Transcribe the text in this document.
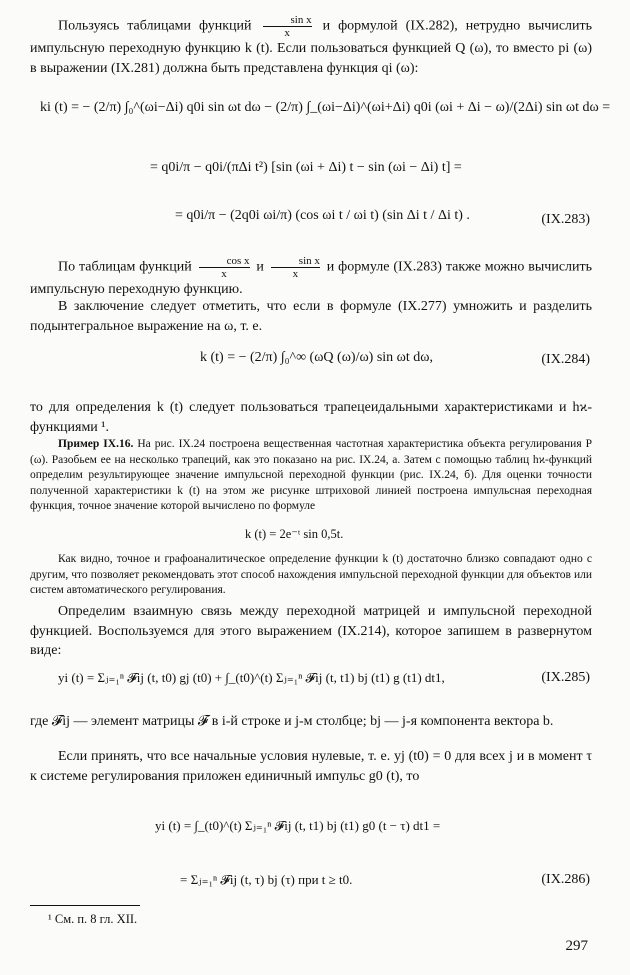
Пользуясь таблицами функций $\frac{\text{sin x}}{x}$ и формулой (IX.282), нетрудно вычислить импульсную переходную функцию k (t). Если пользоваться функцией Q (ω), то вместо pi (ω) в выражении (IX.281) должна быть представлена функция qi (ω):

ki (t) = − (2/π) ∫₀^(ωi−Δi) q0i sin ωt dω − (2/π) ∫_(ωi−Δi)^(ωi+Δi) q0i (ωi + Δi − ω)/(2Δi) sin ωt dω =
= q0i/π − q0i/(πΔi t²) [sin (ωi + Δi) t − sin (ωi − Δi) t] =
= q0i/π − (2q0i ωi/π) (cos ωi t / ωi t) (sin Δi t / Δi t) .	(IX.283)

По таблицам функций $\frac{\text{cos x}}{x}$ и $\frac{\text{sin x}}{x}$ и формуле (IX.283) также можно вычислить импульсную переходную функцию.

В заключение следует отметить, что если в формуле (IX.277) умножить и разделить подынтегральное выражение на ω, т. е.

k (t) = − (2/π) ∫₀^∞ (ωQ (ω)/ω) sin ωt dω,	(IX.284)

то для определения k (t) следует пользоваться трапецеидальными характеристиками и hϰ-функциями ¹.

Пример IX.16. На рис. IX.24 построена вещественная частотная характеристика объекта регулирования P (ω). Разобьем ее на несколько трапеций, как это показано на рис. IX.24, а. Затем с помощью таблиц hϰ-функций определим результирующее значение импульсной переходной функции (рис. IX.24, б). Для оценки точности полученной характеристики k (t) на этом же рисунке штриховой линией построена импульсная переходная функция, точное значение которой вычислено по формуле

k (t) = 2e⁻ᵗ sin 0,5t.

Как видно, точное и графоаналитическое определение функции k (t) достаточно близко совпадают одно с другим, что позволяет рекомендовать этот способ нахождения импульсной переходной функции для объектов или систем автоматического регулирования.

Определим взаимную связь между переходной матрицей и импульсной переходной функцией. Воспользуемся для этого выражением (IX.214), которое запишем в развернутом виде:

yi (t) = Σⱼ₌₁ⁿ 𝓕ij (t, t0) gj (t0) + ∫_(t0)^(t) Σⱼ₌₁ⁿ 𝓕ij (t, t1) bj (t1) g (t1) dt1,	(IX.285)

где 𝓕ij — элемент матрицы 𝓕 в i-й строке и j-м столбце; bj — j-я компонента вектора b.

Если принять, что все начальные условия нулевые, т. е. yj (t0) = 0 для всех j и в момент τ к системе регулирования приложен единичный импульс g0 (t), то

yi (t) = ∫_(t0)^(t) Σⱼ₌₁ⁿ 𝓕ij (t, t1) bj (t1) g0 (t − τ) dt1 =
= Σⱼ₌₁ⁿ 𝓕ij (t, τ) bj (τ) при t ≥ t0.	(IX.286)
¹ См. п. 8 гл. XII.
297
